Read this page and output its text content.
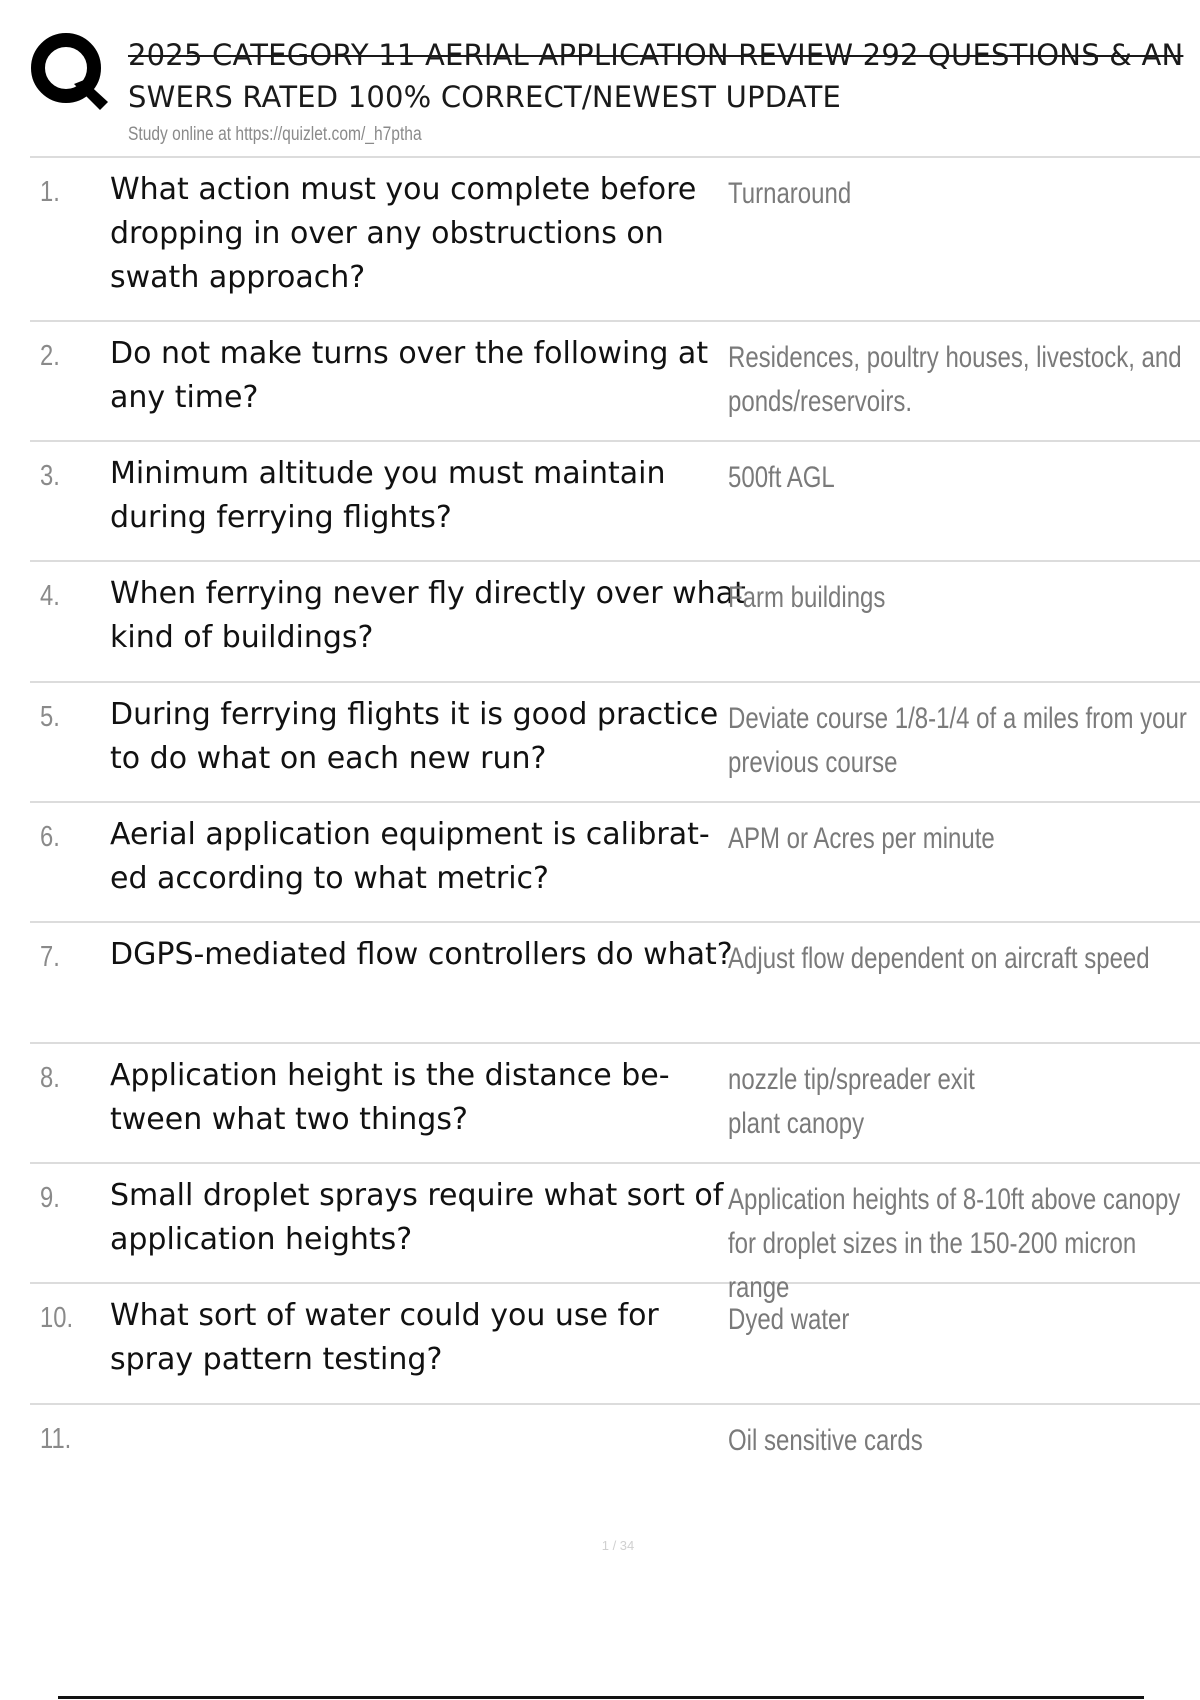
2025 CATEGORY 11 AERIAL APPLICATION REVIEW 292 QUESTIONS & AN
SWERS RATED 100% CORRECT/NEWEST UPDATE
Study online at https://quizlet.com/_h7ptha
1. What action must you complete before dropping in over any obstructions on swath approach?
Turnaround
2. Do not make turns over the following at any time?
Residences, poultry houses, livestock, and ponds/reservoirs.
3. Minimum altitude you must maintain during ferrying flights?
500ft AGL
4. When ferrying never fly directly over what kind of buildings?
Farm buildings
5. During ferrying flights it is good practice to do what on each new run?
Deviate course 1/8-1/4 of a miles from your previous course
6. Aerial application equipment is calibrat- ed according to what metric?
APM or Acres per minute
7. DGPS-mediated flow controllers do what?
Adjust flow dependent on aircraft speed
8. Application height is the distance be- tween what two things?
nozzle tip/spreader exit
plant canopy
9. Small droplet sprays require what sort of application heights?
Application heights of 8-10ft above canopy for droplet sizes in the 150-200 micron range
10. What sort of water could you use for spray pattern testing?
Dyed water
11.	Oil sensitive cards
1 / 34
